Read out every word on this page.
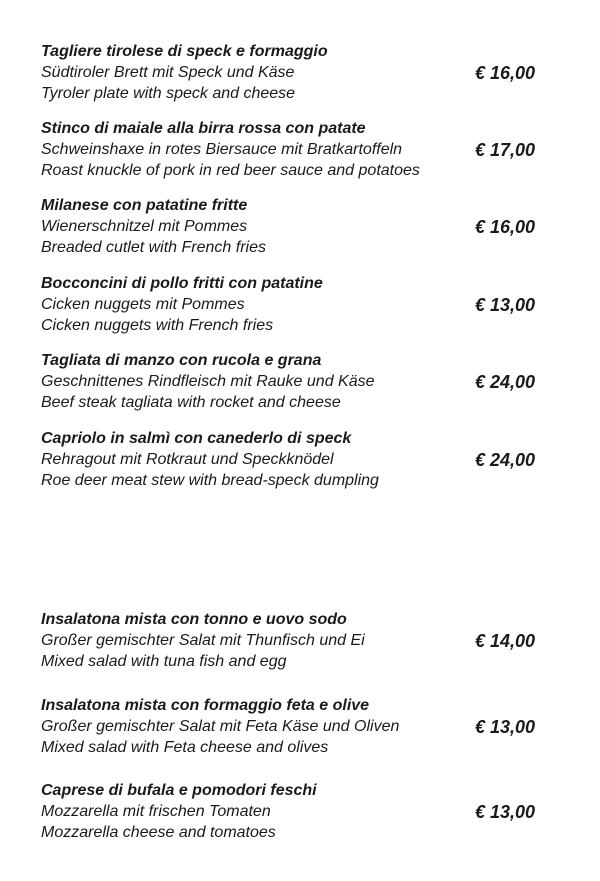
Tagliere tirolese di speck e formaggio
Südtiroler Brett mit Speck und Käse
Tyroler plate with speck and cheese
€ 16,00
Stinco di maiale alla birra rossa con patate
Schweinshaxe in rotes Biersauce mit Bratkartoffeln
Roast knuckle of pork in red beer sauce and potatoes
€ 17,00
Milanese con patatine fritte
Wienerschnitzel mit Pommes
Breaded cutlet with French fries
€ 16,00
Bocconcini di pollo fritti con patatine
Cicken nuggets mit Pommes
Cicken nuggets with French fries
€ 13,00
Tagliata di manzo con rucola e grana
Geschnittenes Rindfleisch mit Rauke und Käse
Beef steak tagliata with rocket and cheese
€ 24,00
Capriolo in salmì con canederlo di speck
Rehragout mit Rotkraut und Speckknödel
Roe deer meat stew with bread-speck dumpling
€ 24,00
Insalatona mista con tonno e uovo sodo
Großer gemischter Salat mit Thunfisch und Ei
Mixed salad with tuna fish and egg
€ 14,00
Insalatona mista con formaggio feta e olive
Großer gemischter Salat mit Feta Käse und Oliven
Mixed salad with Feta cheese and olives
€ 13,00
Caprese di bufala e pomodori feschi
Mozzarella mit frischen Tomaten
Mozzarella cheese and tomatoes
€ 13,00
